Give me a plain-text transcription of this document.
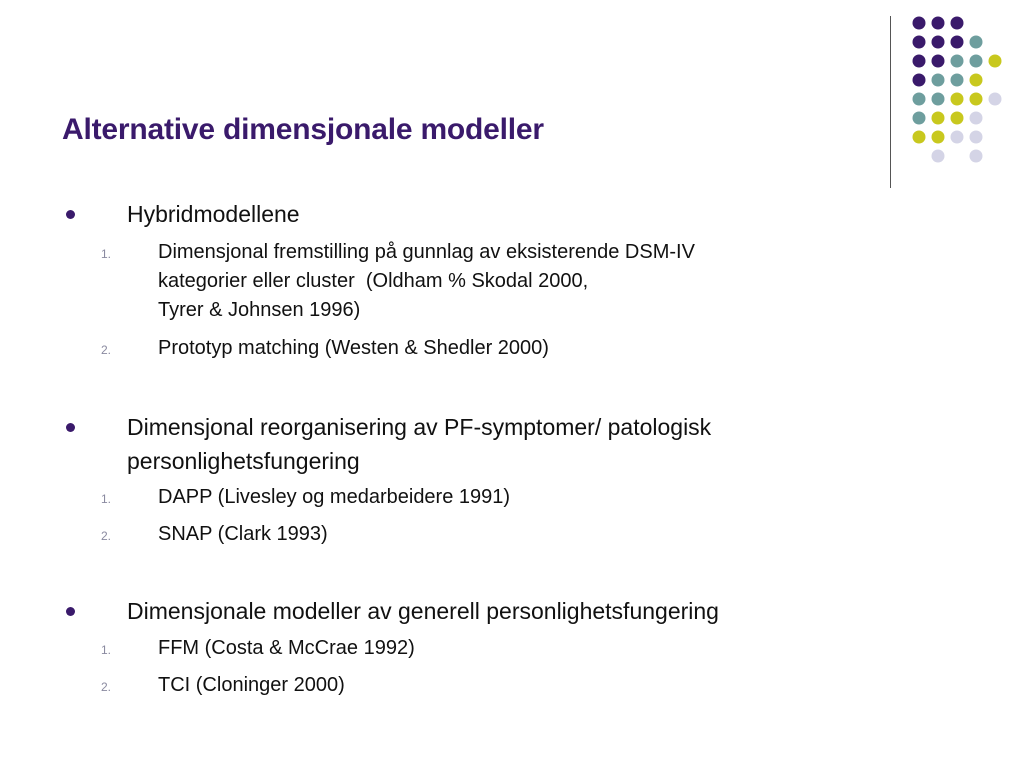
Alternative dimensjonale modeller
Hybridmodellene
1. Dimensjonal fremstilling på gunnlag av eksisterende DSM-IV
kategorier eller cluster  (Oldham % Skodal 2000,
Tyrer & Johnsen 1996)
2. Prototyp matching (Westen & Shedler 2000)
Dimensjonal reorganisering av PF-symptomer/ patologisk
personlighetsfungering
1. DAPP (Livesley og medarbeidere 1991)
2. SNAP (Clark 1993)
Dimensjonale modeller av generell personlighetsfungering
1. FFM (Costa & McCrae 1992)
2. TCI (Cloninger 2000)
